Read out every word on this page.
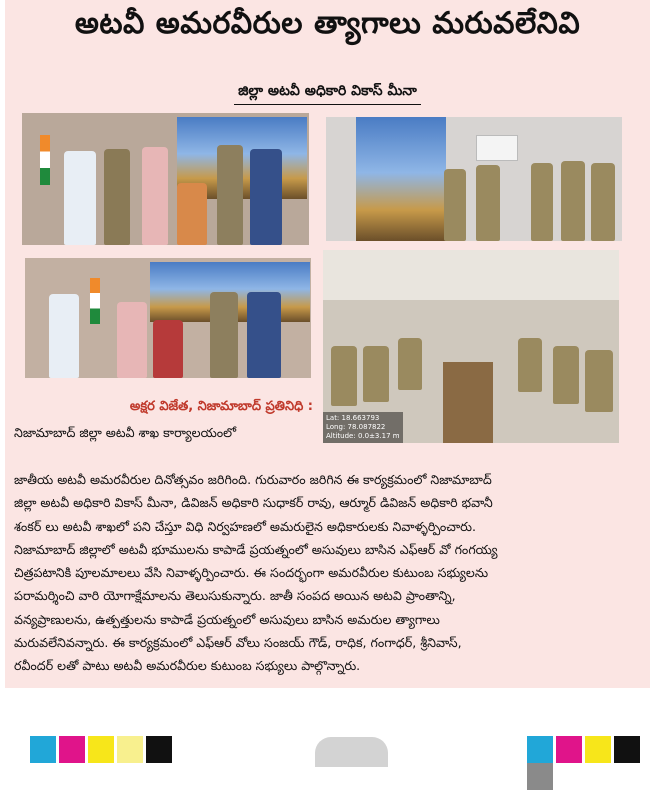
అటవీ అమరవీరుల త్యాగాలు మరువలేనివి
జిల్లా అటవీ అధికారి వికాస్ మీనా
Lat: 18.663793
Long: 78.087822
Altitude: 0.0±3.17 m
అక్షర విజేత, నిజామాబాద్ ప్రతినిధి :
నిజామాబాద్ జిల్లా అటవీ శాఖ కార్యాలయంలో
జాతీయ అటవీ అమరవీరుల దినోత్సవం జరిగింది. గురువారం జరిగిన ఈ కార్యక్రమంలో నిజామాబాద్
జిల్లా అటవీ అధికారి వికాస్ మీనా, డివిజన్ అధికారి సుధాకర్ రావు, ఆర్మూర్ డివిజన్ అధికారి భవానీ
శంకర్ లు అటవీ శాఖలో పని చేస్తూ విధి నిర్వహణలో అమరులైన అధికారులకు నివాళ్ళర్పించారు.
నిజామాబాద్ జిల్లాలో అటవీ భూములను కాపాడే ప్రయత్నంలో అసువులు బాసిన ఎఫ్ఆర్ వో గంగయ్య
చిత్రపటానికి పూలమాలలు వేసి నివాళ్ళర్పించారు. ఈ సందర్భంగా అమరవీరుల కుటుంబ సభ్యులను
పరామర్శించి వారి యోగాక్షేమాలను తెలుసుకున్నారు. జాతీ సంపద అయిన అటవి ప్రాంతాన్ని,
వన్యప్రాణులను, ఉత్పత్తులను కాపాడే ప్రయత్నంలో అసువులు బాసిన అమరుల త్యాగాలు
మరువలేనివన్నారు. ఈ కార్యక్రమంలో ఎఫ్ఆర్ వోలు సంజయ్ గౌడ్, రాధిక, గంగాధర్, శ్రీనివాస్,
రవీందర్ లతో పాటు అటవీ అమరవీరుల కుటుంబ సభ్యులు పాల్గొన్నారు.
